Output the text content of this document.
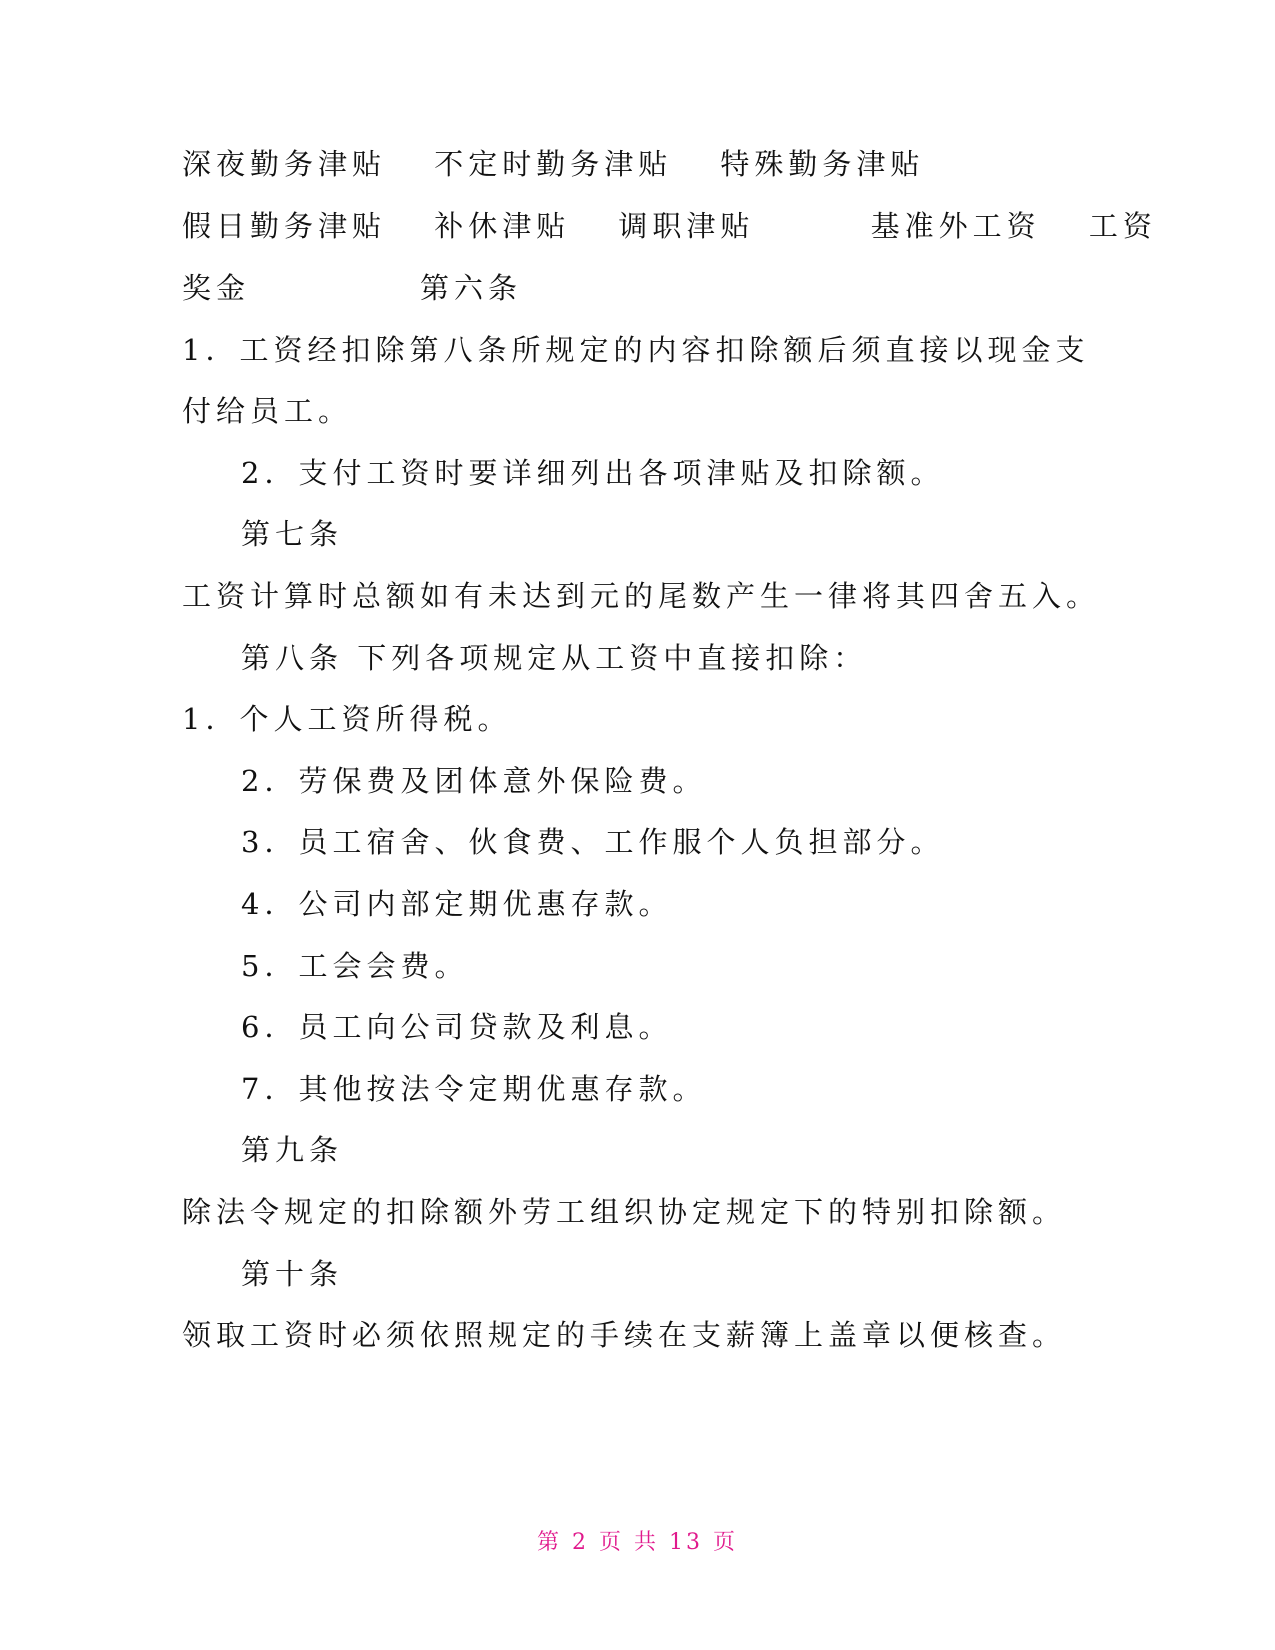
深夜勤务津贴　 不定时勤务津贴　 特殊勤务津贴
假日勤务津贴　 补休津贴　 调职津贴　　　 基准外工资　 工资
奖金　　　　　第六条
1．工资经扣除第八条所规定的内容扣除额后须直接以现金支
付给员工。
2．支付工资时要详细列出各项津贴及扣除额。
第七条
工资计算时总额如有未达到元的尾数产生一律将其四舍五入。
第八条 下列各项规定从工资中直接扣除：
1．个人工资所得税。
2．劳保费及团体意外保险费。
3．员工宿舍、伙食费、工作服个人负担部分。
4．公司内部定期优惠存款。
5．工会会费。
6．员工向公司贷款及利息。
7．其他按法令定期优惠存款。
第九条
除法令规定的扣除额外劳工组织协定规定下的特别扣除额。
第十条
领取工资时必须依照规定的手续在支薪簿上盖章以便核查。
第 2 页 共 13 页
